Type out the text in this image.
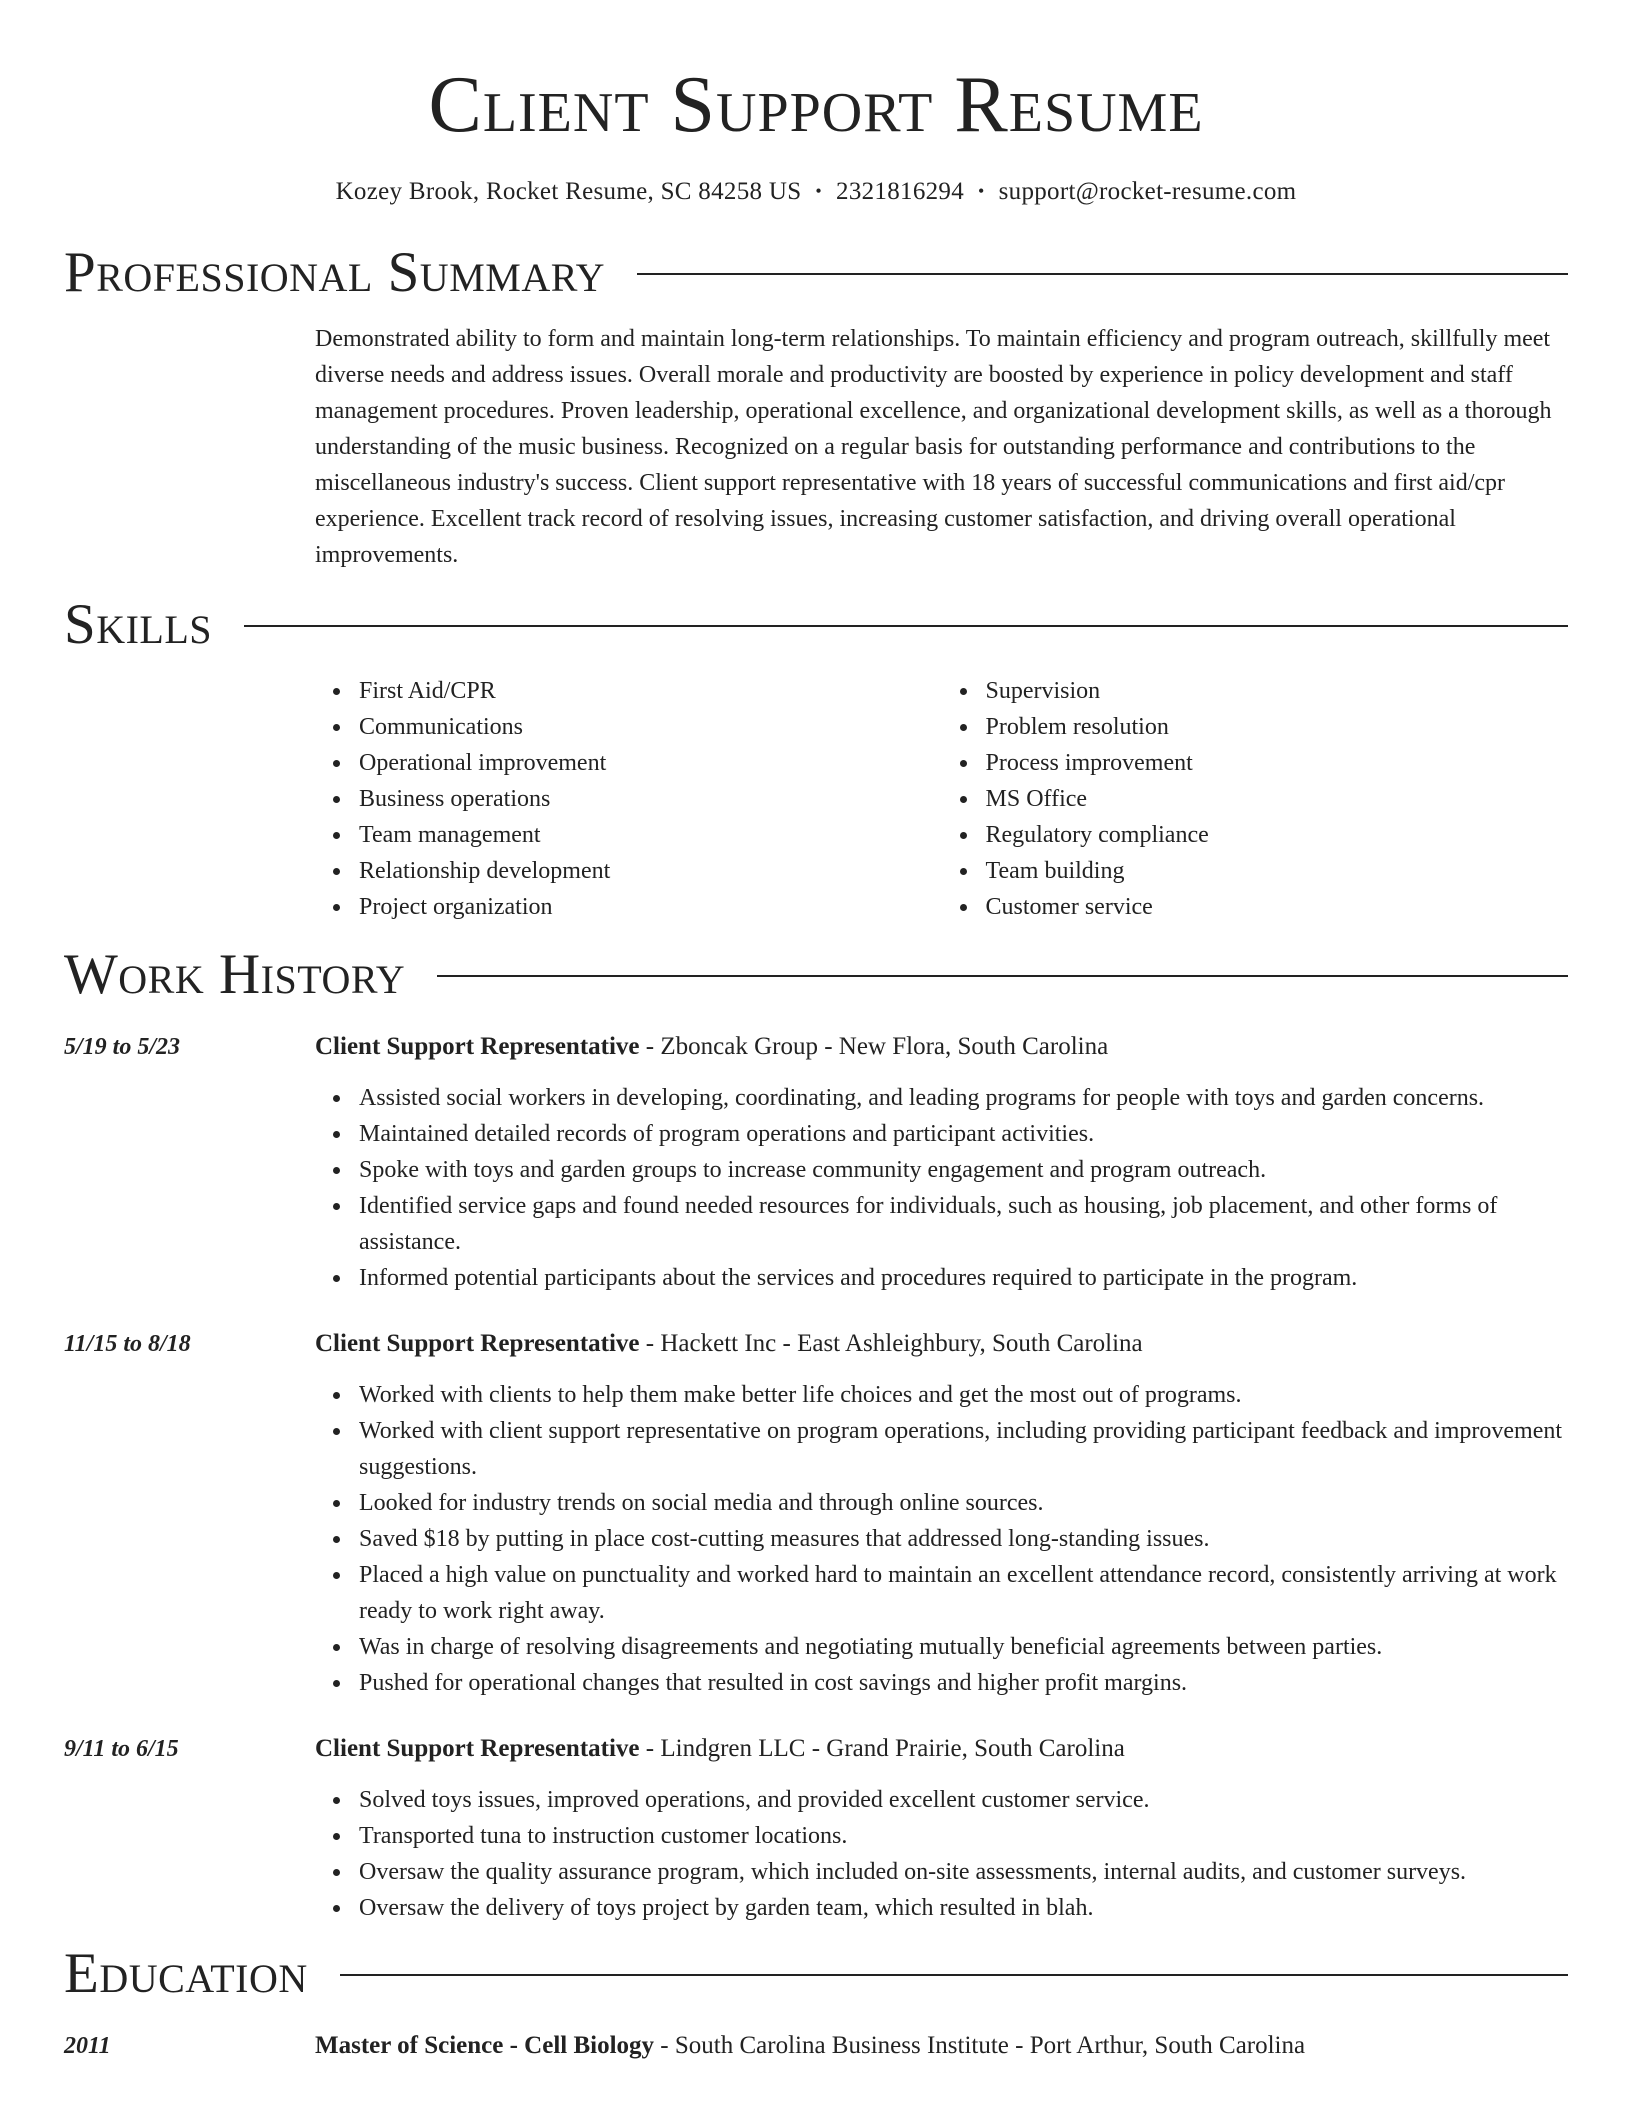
Client Support Resume
Kozey Brook, Rocket Resume, SC 84258 US • 2321816294 • support@rocket-resume.com
Professional Summary
Demonstrated ability to form and maintain long-term relationships. To maintain efficiency and program outreach, skillfully meet diverse needs and address issues. Overall morale and productivity are boosted by experience in policy development and staff management procedures. Proven leadership, operational excellence, and organizational development skills, as well as a thorough understanding of the music business. Recognized on a regular basis for outstanding performance and contributions to the miscellaneous industry's success. Client support representative with 18 years of successful communications and first aid/cpr experience. Excellent track record of resolving issues, increasing customer satisfaction, and driving overall operational improvements.
Skills
First Aid/CPR
Communications
Operational improvement
Business operations
Team management
Relationship development
Project organization
Supervision
Problem resolution
Process improvement
MS Office
Regulatory compliance
Team building
Customer service
Work History
5/19 to 5/23	Client Support Representative - Zboncak Group - New Flora, South Carolina
Assisted social workers in developing, coordinating, and leading programs for people with toys and garden concerns.
Maintained detailed records of program operations and participant activities.
Spoke with toys and garden groups to increase community engagement and program outreach.
Identified service gaps and found needed resources for individuals, such as housing, job placement, and other forms of assistance.
Informed potential participants about the services and procedures required to participate in the program.
11/15 to 8/18	Client Support Representative - Hackett Inc - East Ashleighbury, South Carolina
Worked with clients to help them make better life choices and get the most out of programs.
Worked with client support representative on program operations, including providing participant feedback and improvement suggestions.
Looked for industry trends on social media and through online sources.
Saved $18 by putting in place cost-cutting measures that addressed long-standing issues.
Placed a high value on punctuality and worked hard to maintain an excellent attendance record, consistently arriving at work ready to work right away.
Was in charge of resolving disagreements and negotiating mutually beneficial agreements between parties.
Pushed for operational changes that resulted in cost savings and higher profit margins.
9/11 to 6/15	Client Support Representative - Lindgren LLC - Grand Prairie, South Carolina
Solved toys issues, improved operations, and provided excellent customer service.
Transported tuna to instruction customer locations.
Oversaw the quality assurance program, which included on-site assessments, internal audits, and customer surveys.
Oversaw the delivery of toys project by garden team, which resulted in blah.
Education
2011	Master of Science - Cell Biology - South Carolina Business Institute - Port Arthur, South Carolina
